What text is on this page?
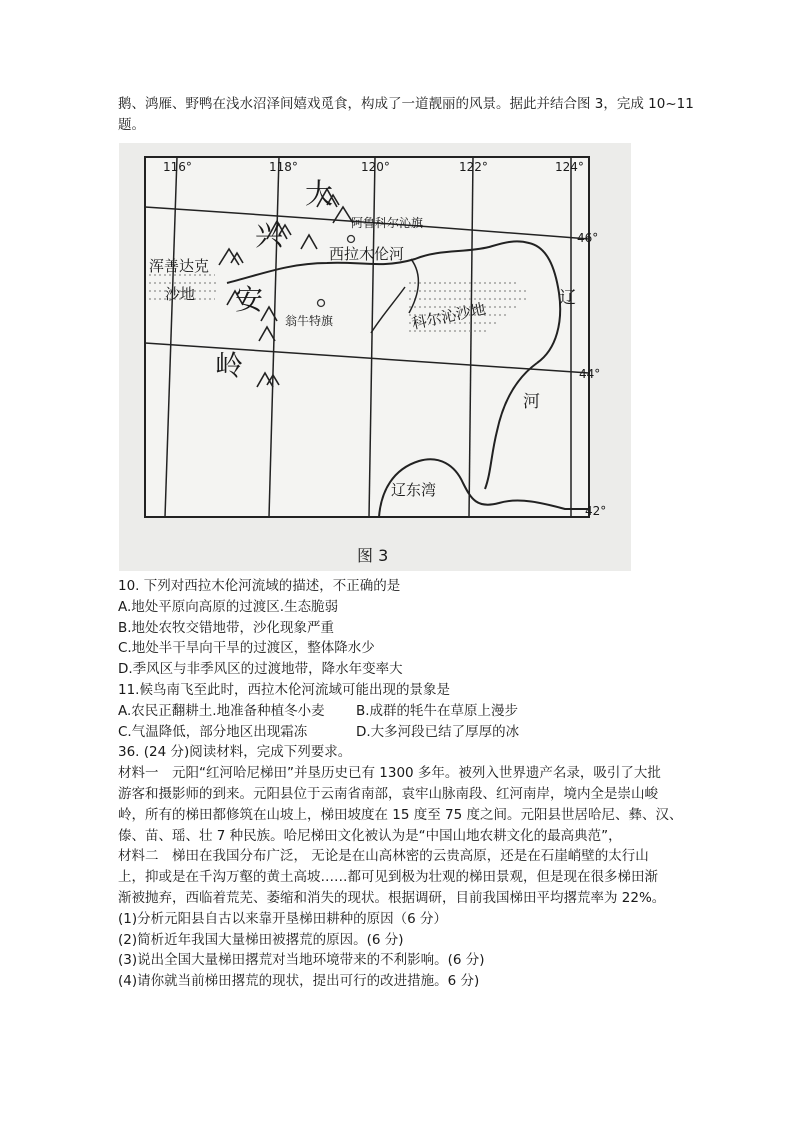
鹅、鸿雁、野鸭在浅水沼泽间嬉戏觅食，构成了一道靓丽的风景。据此并结合图 3，完成 10~11
题。
116°	118°	120°	122°	124°
46°
44°
42°
大
兴
安
岭
浑善达克
沙地
阿鲁科尔沁旗
西拉木伦河
翁牛特旗	科尔沁沙地
辽
河
辽东湾
图 3
10. 下列对西拉木伦河流域的描述，不正确的是
A.地处平原向高原的过渡区.生态脆弱
B.地处农牧交错地带，沙化现象严重
C.地处半干旱向干旱的过渡区，整体降水少
D.季风区与非季风区的过渡地带，降水年变率大
11.候鸟南飞至此时，西拉木伦河流域可能出现的景象是
A.农民正翻耕土.地准备种植冬小麦	B.成群的牦牛在草原上漫步
C.气温降低，部分地区出现霜冻	D.大多河段已结了厚厚的冰
36. (24 分)阅读材料，完成下列要求。
材料一　元阳“红河哈尼梯田”并垦历史已有 1300 多年。被列入世界遗产名录，吸引了大批
游客和摄影师的到来。元阳县位于云南省南部，袁牢山脉南段、红河南岸，境内全是崇山峻
岭，所有的梯田都修筑在山坡上，梯田坡度在 15 度至 75 度之间。元阳县世居哈尼、彝、汉、
傣、苗、瑶、壮 7 种民族。哈尼梯田文化被认为是“中国山地农耕文化的最高典范”，
材料二　梯田在我国分布广泛， 无论是在山高林密的云贵高原，还是在石崖峭壁的太行山
上，抑或是在千沟万壑的黄土高坡……都可见到极为壮观的梯田景观，但是现在很多梯田渐
渐被抛弃，西临着荒芜、萎缩和消失的现状。根据调研，目前我国梯田平均撂荒率为 22%。
(1)分析元阳县自古以来靠开垦梯田耕种的原因（6 分）
(2)简析近年我国大量梯田被撂荒的原因。(6 分)
(3)说出全国大量梯田撂荒对当地环境带来的不利影响。(6 分)
(4)请你就当前梯田撂荒的现状，提出可行的改进措施。6 分)
